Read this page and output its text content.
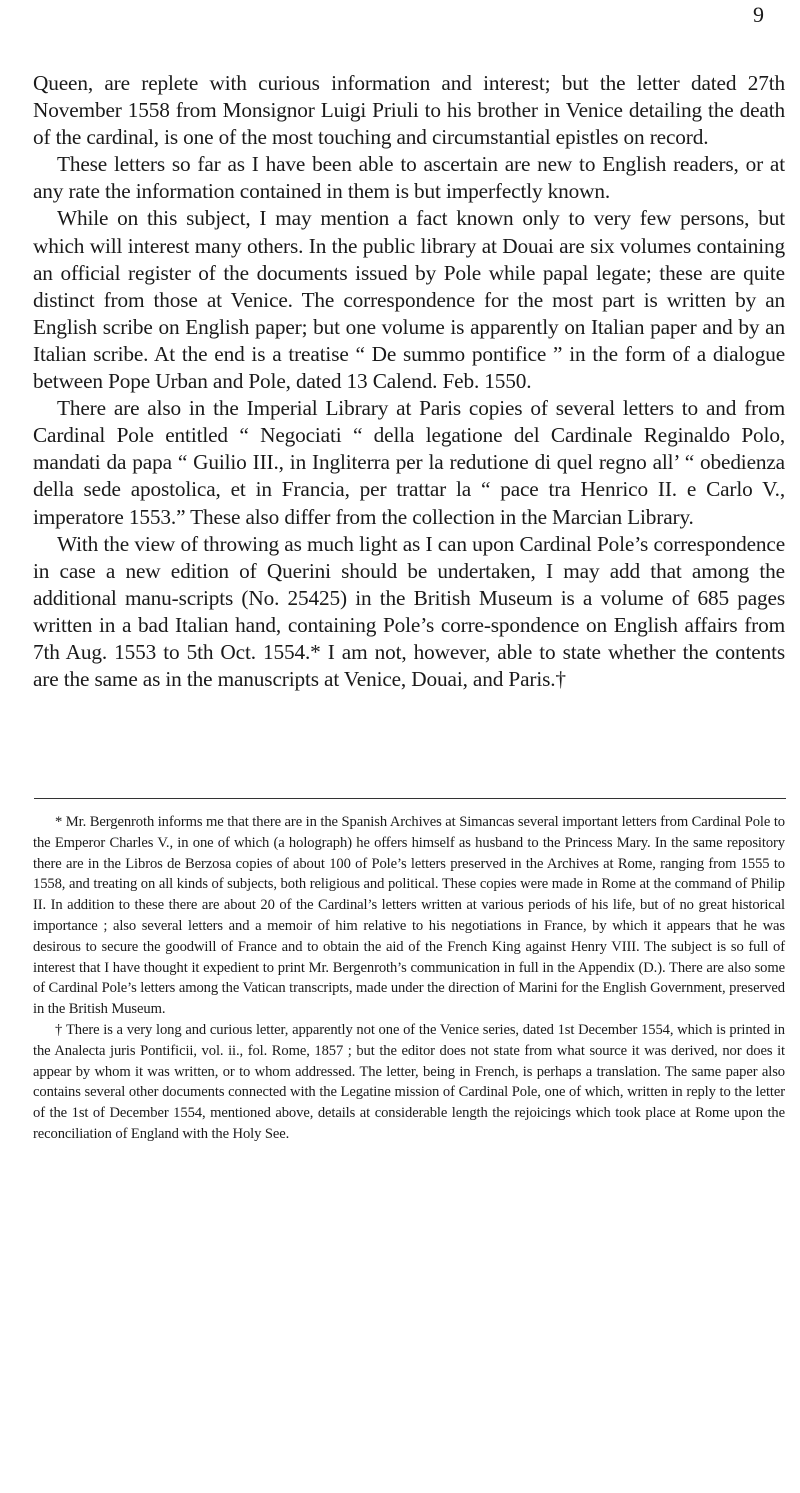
9

Queen, are replete with curious information and interest; but the letter dated 27th November 1558 from Monsignor Luigi Priuli to his brother in Venice detailing the death of the cardinal, is one of the most touching and circumstantial epistles on record.

These letters so far as I have been able to ascertain are new to English readers, or at any rate the information contained in them is but imperfectly known.

While on this subject, I may mention a fact known only to very few persons, but which will interest many others. In the public library at Douai are six volumes containing an official register of the documents issued by Pole while papal legate; these are quite distinct from those at Venice. The correspondence for the most part is written by an English scribe on English paper; but one volume is apparently on Italian paper and by an Italian scribe. At the end is a treatise “ De summo pontifice ” in the form of a dialogue between Pope Urban and Pole, dated 13 Calend. Feb. 1550.

There are also in the Imperial Library at Paris copies of several letters to and from Cardinal Pole entitled “ Negociati “ della legatione del Cardinale Reginaldo Polo, mandati da papa “ Guilio III., in Ingliterra per la redutione di quel regno all’ “ obedienza della sede apostolica, et in Francia, per trattar la “ pace tra Henrico II. e Carlo V., imperatore 1553.” These also differ from the collection in the Marcian Library.

With the view of throwing as much light as I can upon Cardinal Pole’s correspondence in case a new edition of Querini should be undertaken, I may add that among the additional manu-scripts (No. 25425) in the British Museum is a volume of 685 pages written in a bad Italian hand, containing Pole’s corre-spondence on English affairs from 7th Aug. 1553 to 5th Oct. 1554.* I am not, however, able to state whether the contents are the same as in the manuscripts at Venice, Douai, and Paris.†

* Mr. Bergenroth informs me that there are in the Spanish Archives at Simancas several important letters from Cardinal Pole to the Emperor Charles V., in one of which (a holograph) he offers himself as husband to the Princess Mary. In the same repository there are in the Libros de Berzosa copies of about 100 of Pole’s letters preserved in the Archives at Rome, ranging from 1555 to 1558, and treating on all kinds of subjects, both religious and political. These copies were made in Rome at the command of Philip II. In addition to these there are about 20 of the Cardinal’s letters written at various periods of his life, but of no great historical importance ; also several letters and a memoir of him relative to his negotiations in France, by which it appears that he was desirous to secure the goodwill of France and to obtain the aid of the French King against Henry VIII. The subject is so full of interest that I have thought it expedient to print Mr. Bergenroth’s communication in full in the Appendix (D.). There are also some of Cardinal Pole’s letters among the Vatican transcripts, made under the direction of Marini for the English Government, preserved in the British Museum.

† There is a very long and curious letter, apparently not one of the Venice series, dated 1st December 1554, which is printed in the Analecta juris Pontificii, vol. ii., fol. Rome, 1857 ; but the editor does not state from what source it was derived, nor does it appear by whom it was written, or to whom addressed. The letter, being in French, is perhaps a translation. The same paper also contains several other documents connected with the Legatine mission of Cardinal Pole, one of which, written in reply to the letter of the 1st of December 1554, mentioned above, details at considerable length the rejoicings which took place at Rome upon the reconciliation of England with the Holy See.
